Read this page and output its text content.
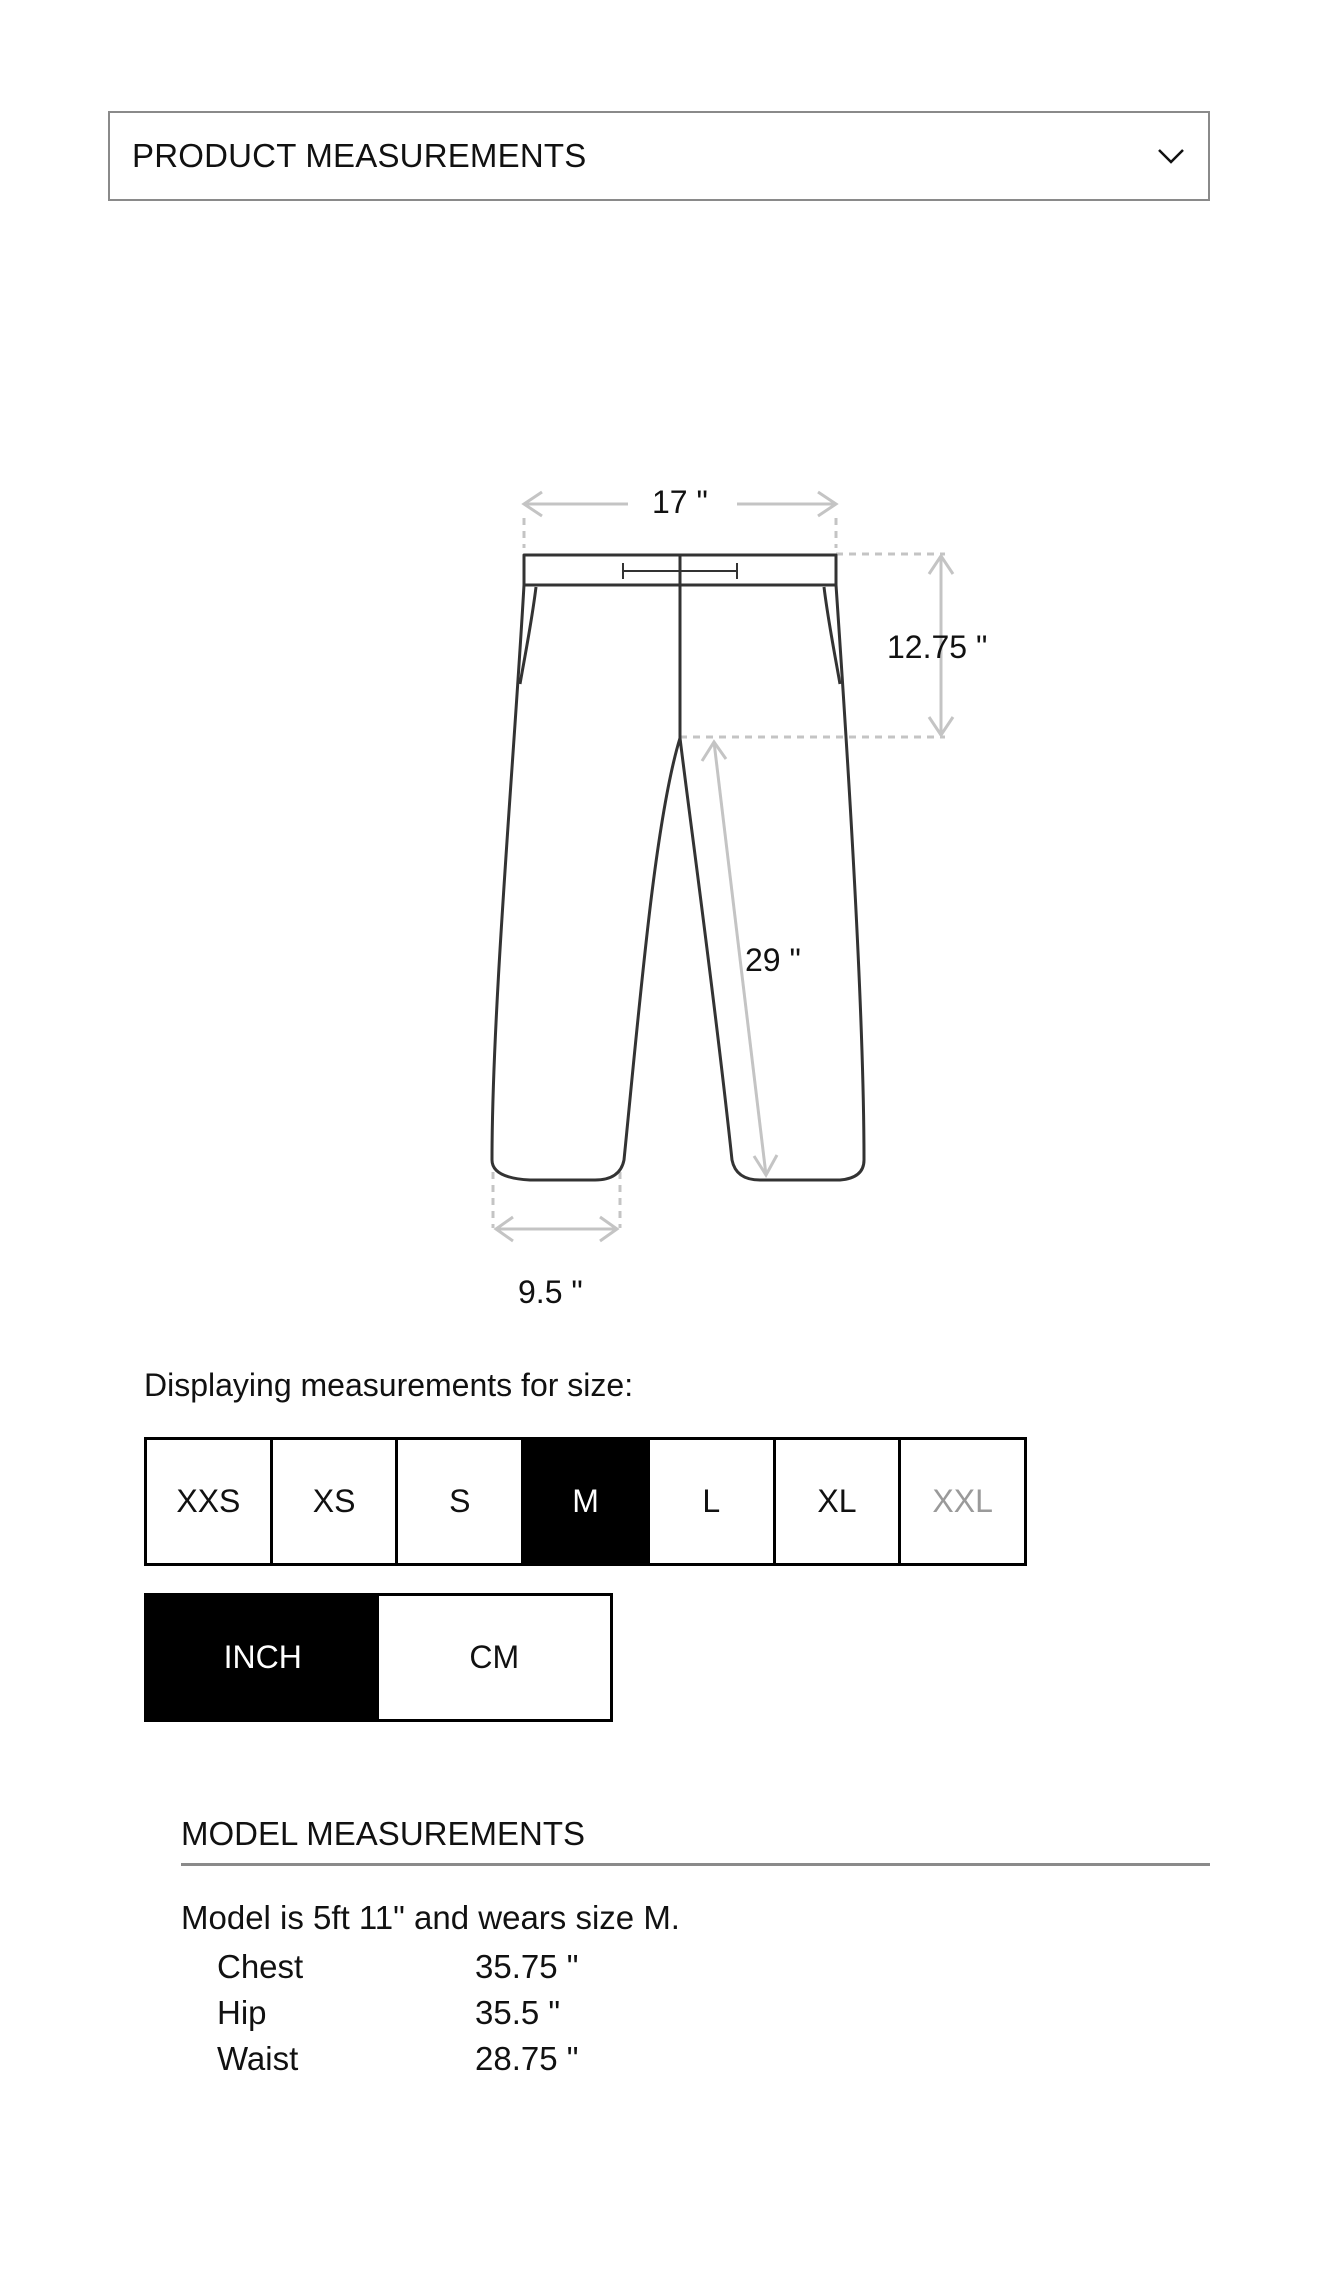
PRODUCT MEASUREMENTS
17 "
12.75 "
29 "
9.5 "
Displaying measurements for size:
XXS	XS	S	M	L	XL	XXL
INCH	CM
MODEL MEASUREMENTS
Model is 5ft 11" and wears size M.
Chest	35.75 "
Hip	35.5 "
Waist	28.75 "
